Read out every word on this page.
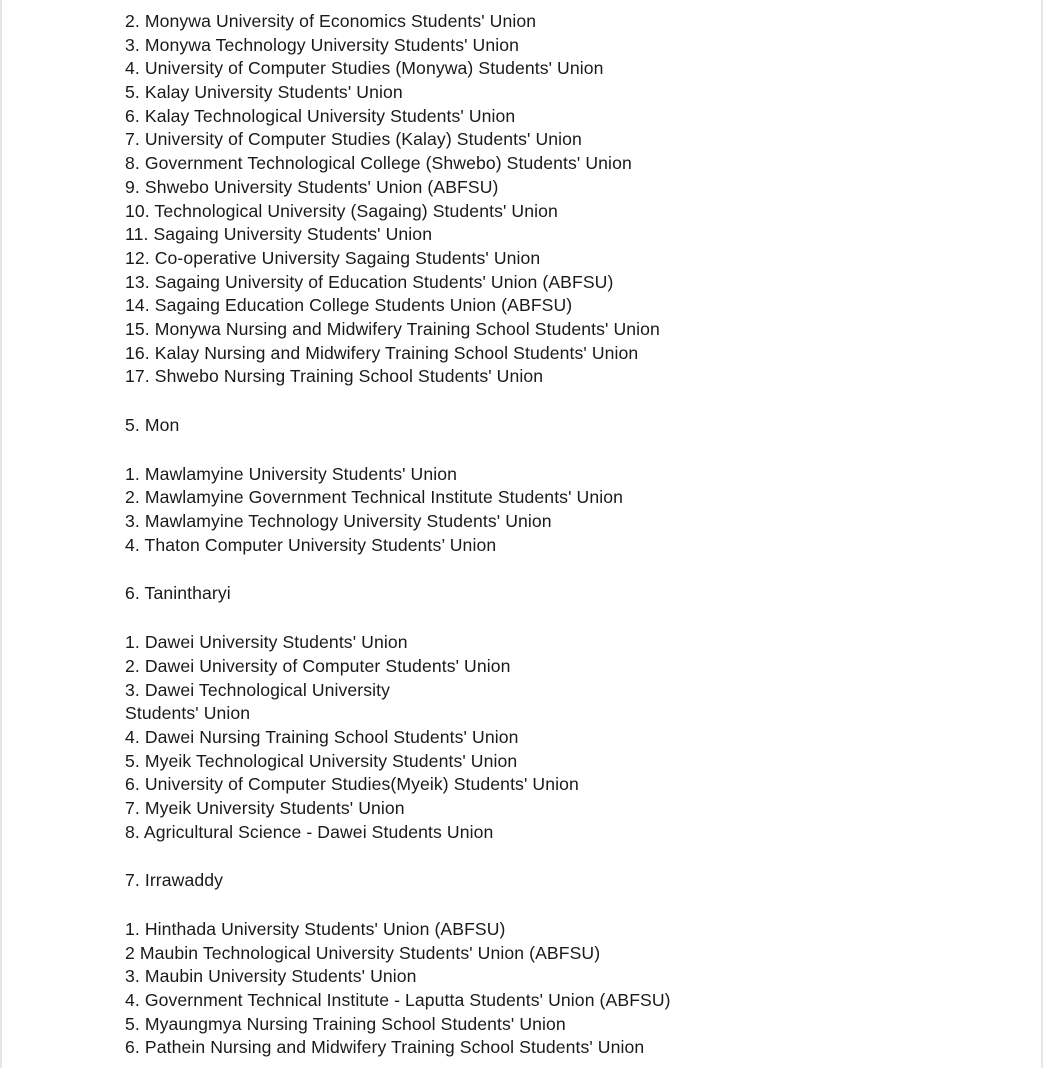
2. Monywa University of Economics Students' Union
3. Monywa Technology University Students' Union
4. University of Computer Studies (Monywa) Students' Union
5. Kalay University Students' Union
6. Kalay Technological University Students' Union
7. University of Computer Studies (Kalay) Students' Union
8. Government Technological College (Shwebo) Students' Union
9. Shwebo University Students' Union (ABFSU)
10. Technological University (Sagaing) Students' Union
11. Sagaing University Students' Union
12. Co-operative University Sagaing Students' Union
13. Sagaing University of Education Students' Union (ABFSU)
14. Sagaing Education College Students Union (ABFSU)
15. Monywa Nursing and Midwifery Training School Students' Union
16. Kalay Nursing and Midwifery Training School Students' Union
17. Shwebo Nursing Training School Students' Union
5. Mon
1. Mawlamyine University Students' Union
2. Mawlamyine Government Technical Institute Students' Union
3. Mawlamyine Technology University Students' Union
4. Thaton Computer University Students’ Union
6. Tanintharyi
1. Dawei University Students' Union
2. Dawei University of Computer Students' Union
3. Dawei Technological University
Students' Union
4. Dawei Nursing Training School Students' Union
5. Myeik Technological University Students' Union
6. University of Computer Studies(Myeik) Students' Union
7. Myeik University Students' Union
8. Agricultural Science - Dawei Students Union
7. Irrawaddy
1. Hinthada University Students' Union (ABFSU)
2 Maubin Technological University Students' Union (ABFSU)
3. Maubin University Students' Union
4. Government Technical Institute - Laputta Students' Union (ABFSU)
5. Myaungmya Nursing Training School Students' Union
6. Pathein Nursing and Midwifery Training School Students' Union
